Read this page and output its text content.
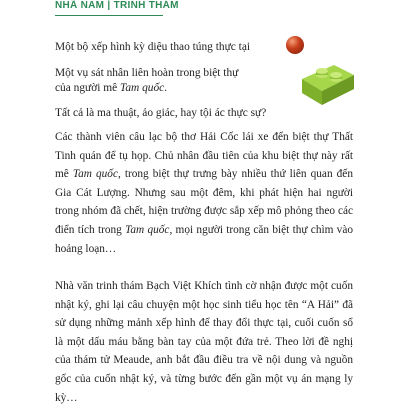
NHÃ NAM | TRINH THÁM
Một bộ xếp hình kỳ diệu thao túng thực tại
Một vụ sát nhân liên hoàn trong biệt thự
của người mê Tam quốc.
Tất cả là ma thuật, ảo giác, hay tội ác thực sự?

Các thành viên câu lạc bộ thơ Hải Cốc lái xe đến biệt thự Thất Tinh quán để tụ họp. Chủ nhân đầu tiên của khu biệt thự này rất mê Tam quốc, trong biệt thự trưng bày nhiều thứ liên quan đến Gia Cát Lượng. Nhưng sau một đêm, khi phát hiện hai người trong nhóm đã chết, hiện trường được sắp xếp mô phỏng theo các điển tích trong Tam quốc, mọi người trong căn biệt thự chìm vào hoảng loạn…

Nhà văn trinh thám Bạch Việt Khích tình cờ nhận được một cuốn nhật ký, ghi lại câu chuyện một học sinh tiểu học tên “A Hải” đã sử dụng những mảnh xếp hình để thay đổi thực tại, cuối cuốn sổ là một dấu máu bằng bàn tay của một đứa trẻ. Theo lời đề nghị của thám tử Meaude, anh bắt đầu điều tra về nội dung và nguồn gốc của cuốn nhật ký, và từng bước đến gần một vụ án mạng ly kỳ…
